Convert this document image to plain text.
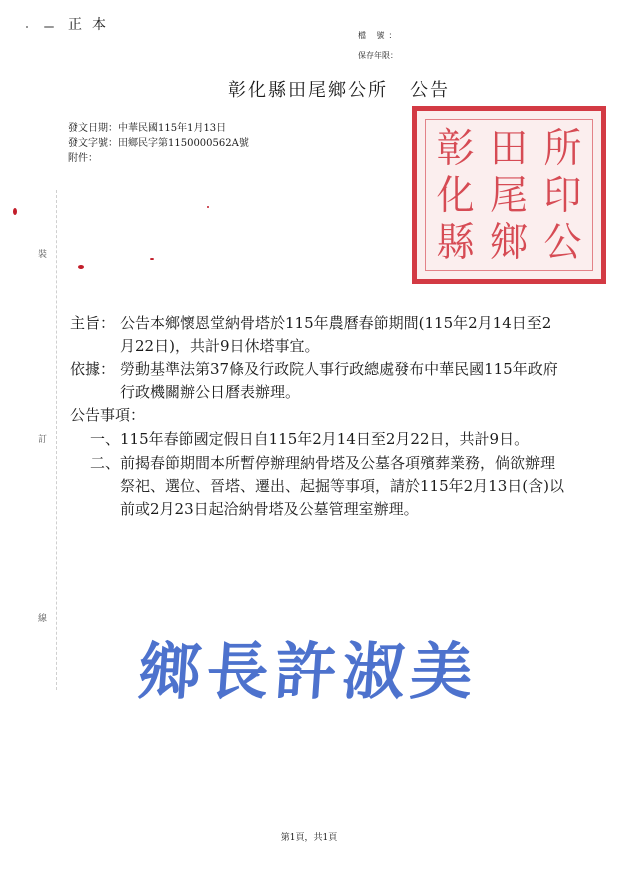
正本
檔 號：
保存年限：
彰化縣田尾鄉公所 公告
發文日期：中華民國115年1月13日
發文字號：田鄉民字第1150000562A號
附件：	彰 田 所
化 尾 印
縣 鄉 公
裝
訂
線
主旨： 公告本鄉懷恩堂納骨塔於115年農曆春節期間(115年2月14日至2月22日)，共計9日休塔事宜。
依據： 勞動基準法第37條及行政院人事行政總處發布中華民國115年政府行政機關辦公日曆表辦理。
公告事項：
一、 115年春節國定假日自115年2月14日至2月22日，共計9日。
二、 前揭春節期間本所暫停辦理納骨塔及公墓各項殯葬業務，倘欲辦理祭祀、選位、晉塔、遷出、起掘等事項，請於115年2月13日(含)以前或2月23日起洽納骨塔及公墓管理室辦理。
鄉長許淑美
第1頁，共1頁
